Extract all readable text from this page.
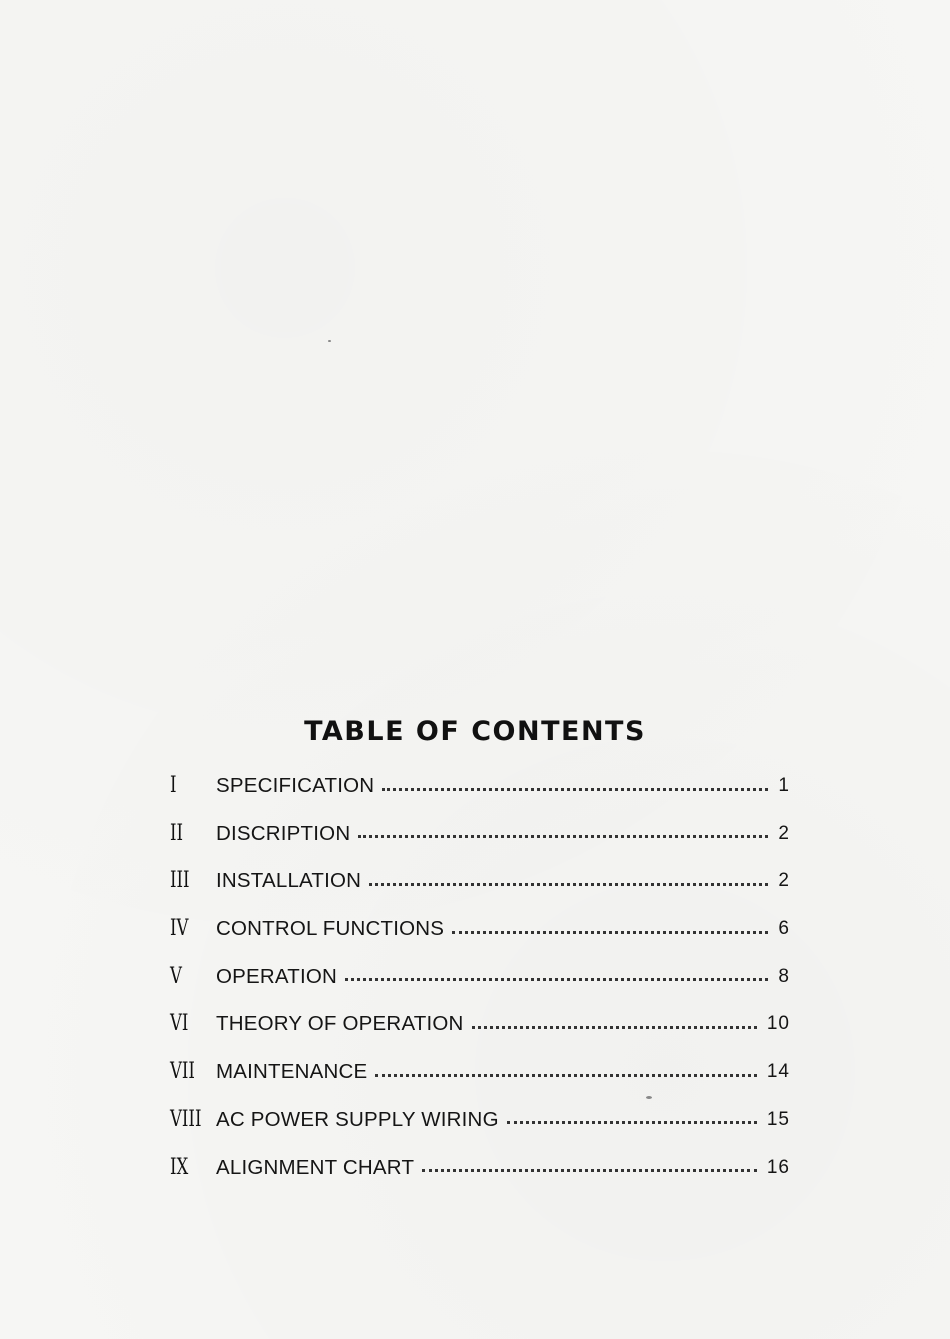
TABLE OF CONTENTS
I	SPECIFICATION	1
II	DISCRIPTION	2
III INSTALLATION	2
IV CONTROL FUNCTIONS	6
V	OPERATION	8
VI THEORY OF OPERATION	10
VII MAINTENANCE	14
VIII AC POWER SUPPLY WIRING	15
IX ALIGNMENT CHART	16
